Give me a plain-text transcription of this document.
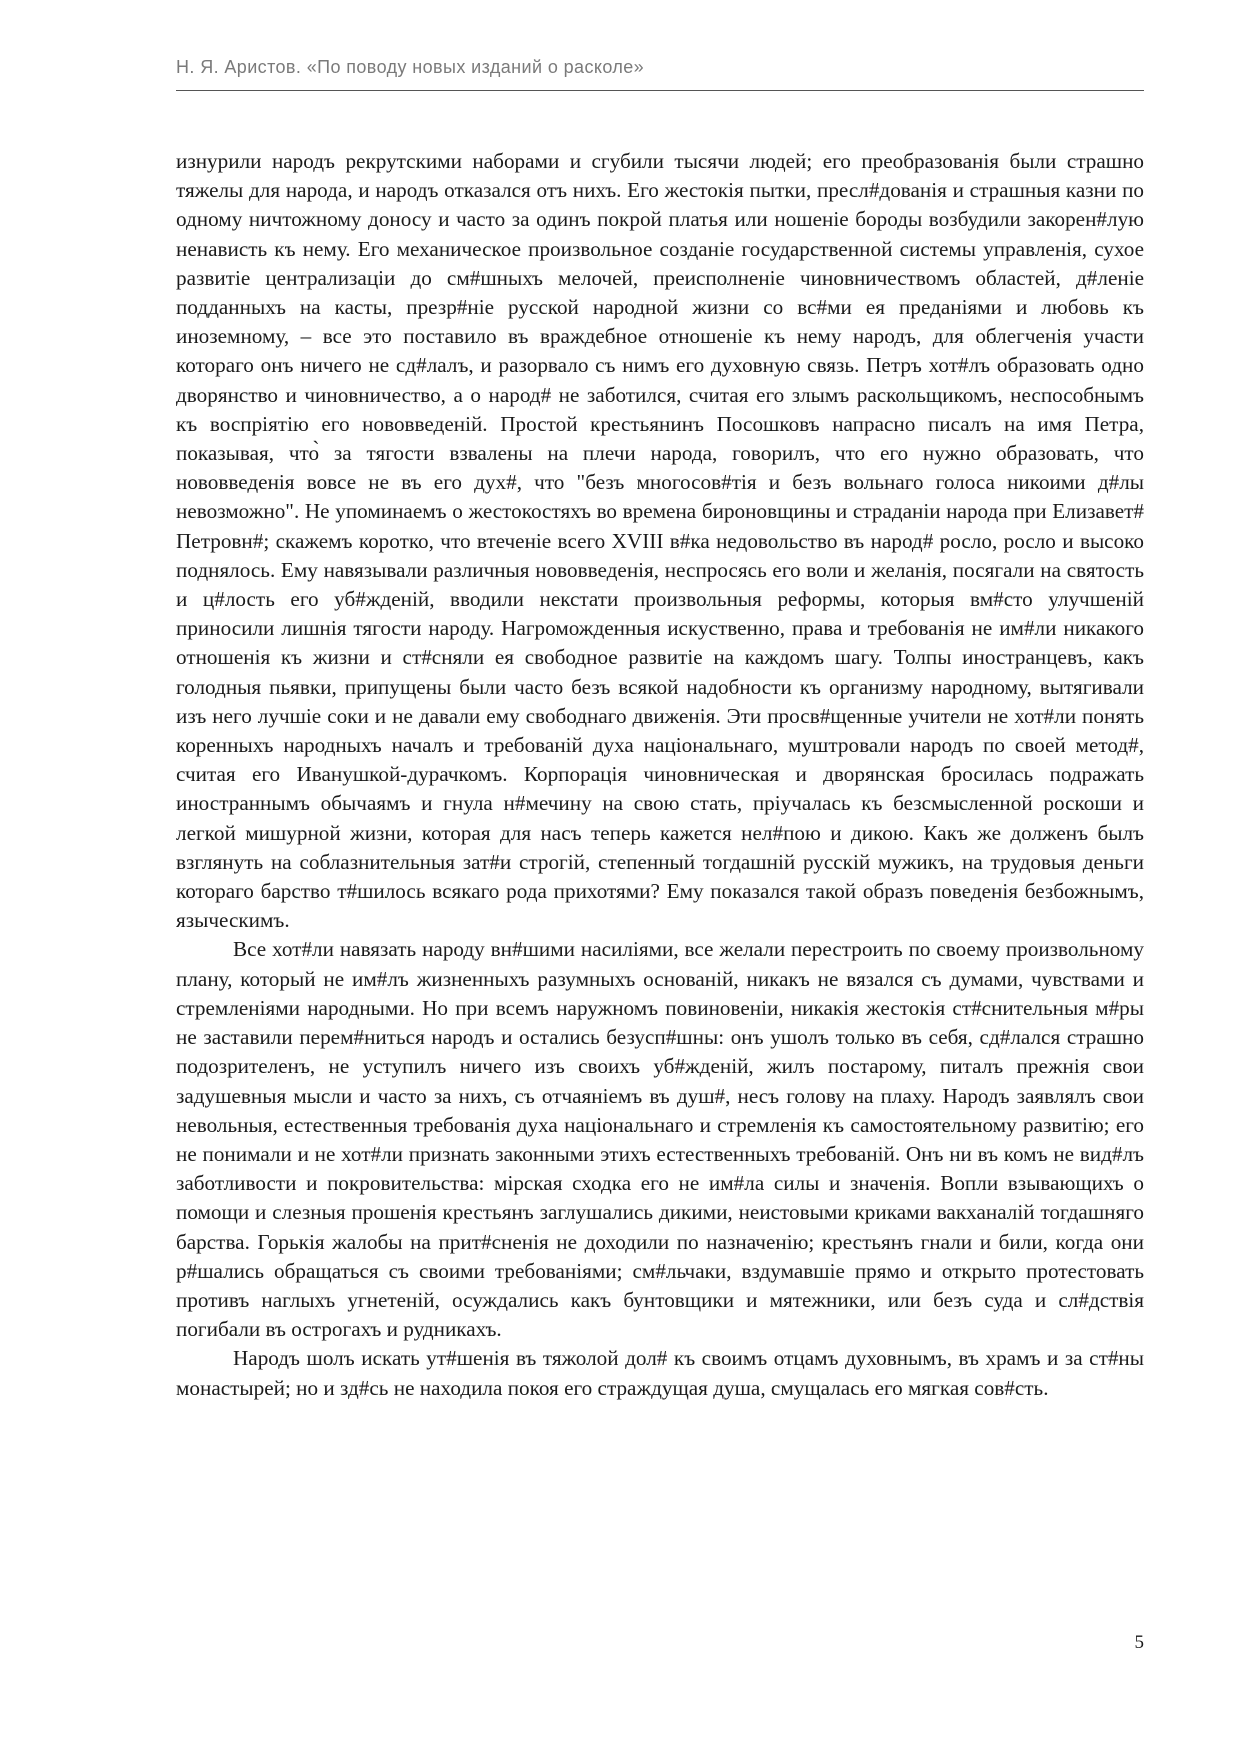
Н. Я. Аристов. «По поводу новых изданий о расколе»

изнурили народъ рекрутскими наборами и сгубили тысячи людей; его преобразованія были страшно тяжелы для народа, и народъ отказался отъ нихъ. Его жестокія пытки, пресл#дованія и страшныя казни по одному ничтожному доносу и часто за одинъ покрой платья или ношеніе бороды возбудили закорен#лую ненависть къ нему. Его механическое произвольное созданіе государственной системы управленія, сухое развитіе централизаціи до см#шныхъ мелочей, преисполненіе чиновничествомъ областей, д#леніе подданныхъ на касты, презр#ніе русской народной жизни со вс#ми ея преданіями и любовь къ иноземному, – все это поставило въ враждебное отношеніе къ нему народъ, для облегченія участи котораго онъ ничего не сд#лалъ, и разорвало съ нимъ его духовную связь. Петръ хот#лъ образовать одно дворянство и чиновничество, а о народ# не заботился, считая его злымъ раскольщикомъ, неспособнымъ къ воспріятію его нововведеній. Простой крестьянинъ Посошковъ напрасно писалъ на имя Петра, показывая, что̀ за тягости взвалены на плечи народа, говорилъ, что его нужно образовать, что нововведенія вовсе не въ его дух#, что "безъ многосов#тія и безъ вольнаго голоса никоими д#лы невозможно". Не упоминаемъ о жестокостяхъ во времена бироновщины и страданіи народа при Елизавет# Петровн#; скажемъ коротко, что втеченіе всего XVIII в#ка недовольство въ народ# росло, росло и высоко поднялось. Ему навязывали различныя нововведенія, неспросясь его воли и желанія, посягали на святость и ц#лость его уб#жденій, вводили некстати произвольныя реформы, которыя вм#сто улучшеній приносили лишнія тягости народу. Нагроможденныя искуственно, права и требованія не им#ли никакого отношенія къ жизни и ст#сняли ея свободное развитіе на каждомъ шагу. Толпы иностранцевъ, какъ голодныя пьявки, припущены были часто безъ всякой надобности къ организму народному, вытягивали изъ него лучшіе соки и не давали ему свободнаго движенія. Эти просв#щенные учители не хот#ли понять коренныхъ народныхъ началъ и требованій духа національнаго, муштровали народъ по своей метод#, считая его Иванушкой-дурачкомъ. Корпорація чиновническая и дворянская бросилась подражать иностраннымъ обычаямъ и гнула н#мечину на свою стать, пріучалась къ безсмысленной роскоши и легкой мишурной жизни, которая для насъ теперь кажется нел#пою и дикою. Какъ же долженъ былъ взглянуть на соблазнительныя зат#и строгій, степенный тогдашній русскій мужикъ, на трудовыя деньги котораго барство т#шилось всякаго рода прихотями? Ему показался такой образъ поведенія безбожнымъ, языческимъ.

Все хот#ли навязать народу вн#шими насиліями, все желали перестроить по своему произвольному плану, который не им#лъ жизненныхъ разумныхъ основаній, никакъ не вязался съ думами, чувствами и стремленіями народными. Но при всемъ наружномъ повиновеніи, никакія жестокія ст#снительныя м#ры не заставили перем#ниться народъ и остались безусп#шны: онъ ушолъ только въ себя, сд#лался страшно подозрителенъ, не уступилъ ничего изъ своихъ уб#жденій, жилъ постарому, питалъ прежнія свои задушевныя мысли и часто за нихъ, съ отчаяніемъ въ душ#, несъ голову на плаху. Народъ заявлялъ свои невольныя, естественныя требованія духа національнаго и стремленія къ самостоятельному развитію; его не понимали и не хот#ли признать законными этихъ естественныхъ требованій. Онъ ни въ комъ не вид#лъ заботливости и покровительства: мірская сходка его не им#ла силы и значенія. Вопли взывающихъ о помощи и слезныя прошенія крестьянъ заглушались дикими, неистовыми криками вакханалій тогдашняго барства. Горькія жалобы на прит#сненія не доходили по назначенію; крестьянъ гнали и били, когда они р#шались обращаться съ своими требованіями; см#льчаки, вздумавшіе прямо и открыто протестовать противъ наглыхъ угнетеній, осуждались какъ бунтовщики и мятежники, или безъ суда и сл#дствія погибали въ острогахъ и рудникахъ.

Народъ шолъ искать ут#шенія въ тяжолой дол# къ своимъ отцамъ духовнымъ, въ храмъ и за ст#ны монастырей; но и зд#сь не находила покоя его страждущая душа, смущалась его мягкая сов#сть.

5
